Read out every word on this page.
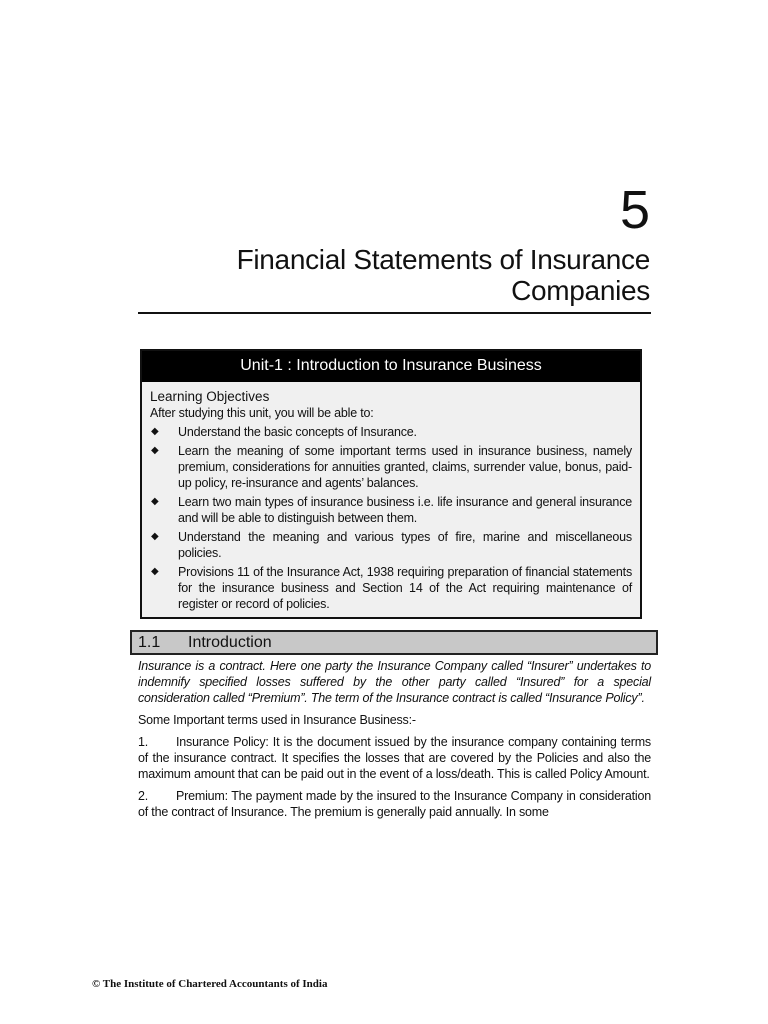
5
Financial Statements of Insurance
Companies
Unit-1 : Introduction to Insurance Business
Learning Objectives
After studying this unit, you will be able to:
◆	Understand the basic concepts of Insurance.
◆	Learn the meaning of some important terms used in insurance business, namely premium, considerations for annuities granted, claims, surrender value, bonus, paid-up policy, re-insurance and agents’ balances.
◆	Learn two main types of insurance business i.e. life insurance and general insurance and will be able to distinguish between them.
◆	Understand the meaning and various types of fire, marine and miscellaneous policies.
◆	Provisions 11 of the Insurance Act, 1938 requiring preparation of financial statements for the insurance business and Section 14 of the Act requiring maintenance of register or record of policies.
1.1 Introduction

Insurance is a contract. Here one party the Insurance Company called “Insurer” undertakes to indemnify specified losses suffered by the other party called “Insured” for a special consideration called “Premium”. The term of the Insurance contract is called “Insurance Policy”.

Some Important terms used in Insurance Business:-

1. Insurance Policy: It is the document issued by the insurance company containing terms of the insurance contract. It specifies the losses that are covered by the Policies and also the maximum amount that can be paid out in the event of a loss/death. This is called Policy Amount.

2. Premium: The payment made by the insured to the Insurance Company in consideration of the contract of Insurance. The premium is generally paid annually. In some

© The Institute of Chartered Accountants of India
